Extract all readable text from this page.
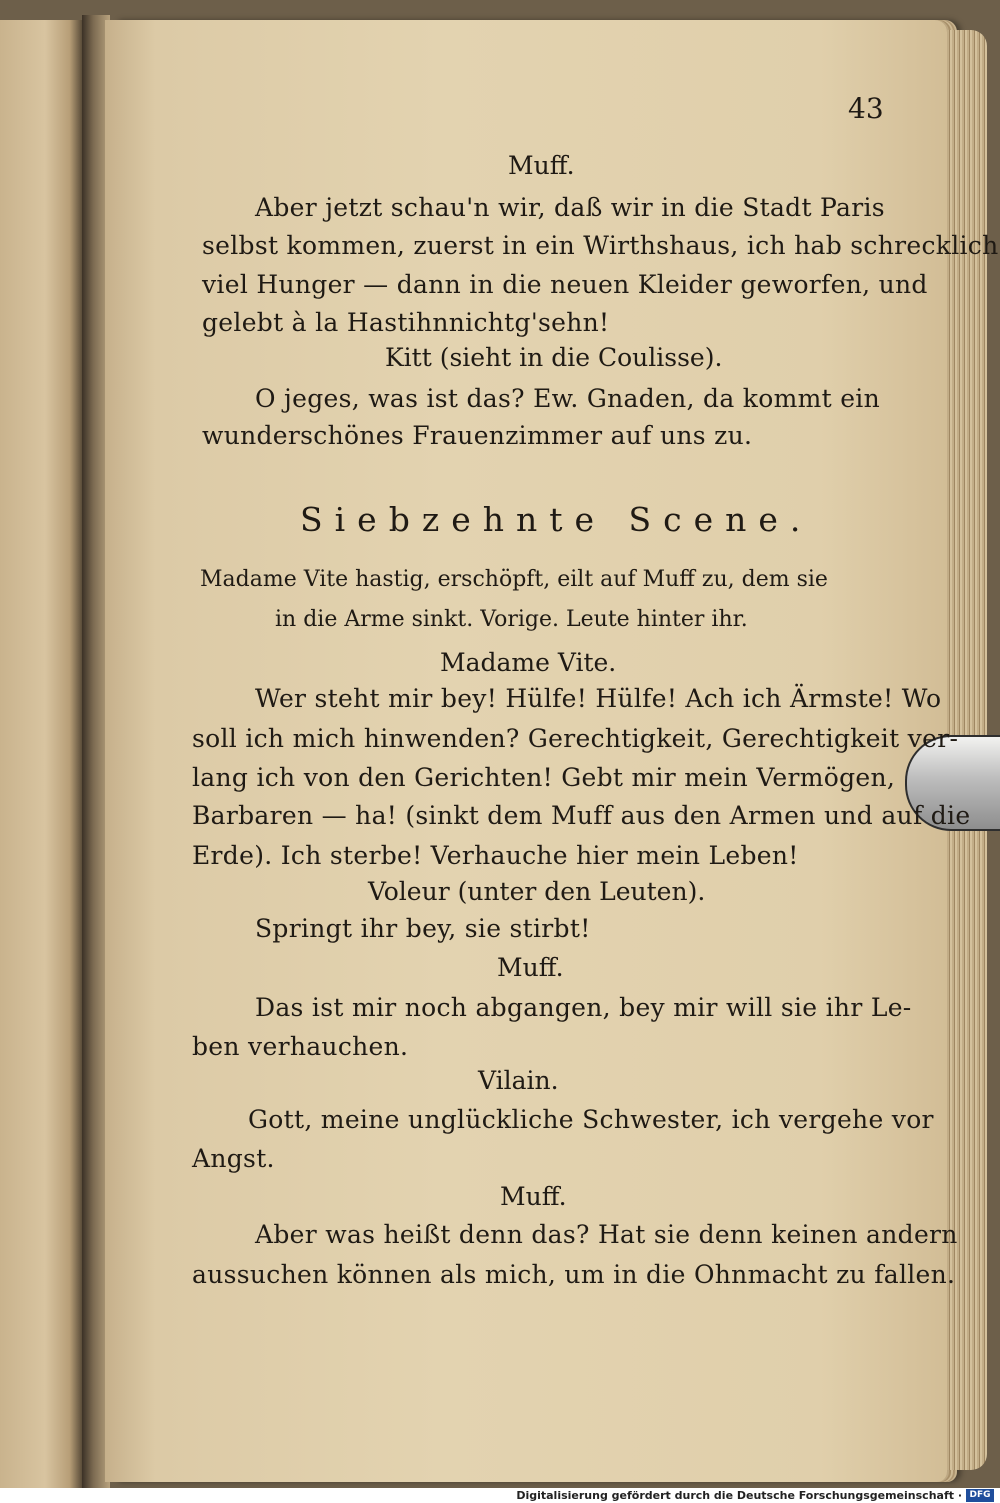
43
Muff.
Aber jetzt schau'n wir, daß wir in die Stadt Paris
selbst kommen, zuerst in ein Wirthshaus, ich hab schrecklich
viel Hunger — dann in die neuen Kleider geworfen, und
gelebt à la Hastihnnichtg'sehn!
Kitt (sieht in die Coulisse).
O jeges, was ist das? Ew. Gnaden, da kommt ein
wunderschönes Frauenzimmer auf uns zu.
Siebzehnte Scene.
Madame Vite hastig, erschöpft, eilt auf Muff zu, dem sie
in die Arme sinkt. Vorige. Leute hinter ihr.
Madame Vite.
Wer steht mir bey! Hülfe! Hülfe! Ach ich Ärmste! Wo
soll ich mich hinwenden? Gerechtigkeit, Gerechtigkeit ver-
lang ich von den Gerichten! Gebt mir mein Vermögen,
Barbaren — ha! (sinkt dem Muff aus den Armen und auf die
Erde). Ich sterbe! Verhauche hier mein Leben!
Voleur (unter den Leuten).
Springt ihr bey, sie stirbt!
Muff.
Das ist mir noch abgangen, bey mir will sie ihr Le-
ben verhauchen.
Vilain.
Gott, meine unglückliche Schwester, ich vergehe vor
Angst.
Muff.
Aber was heißt denn das? Hat sie denn keinen andern
aussuchen können als mich, um in die Ohnmacht zu fallen.
Digitalisierung gefördert durch die Deutsche Forschungsgemeinschaft · DFG
